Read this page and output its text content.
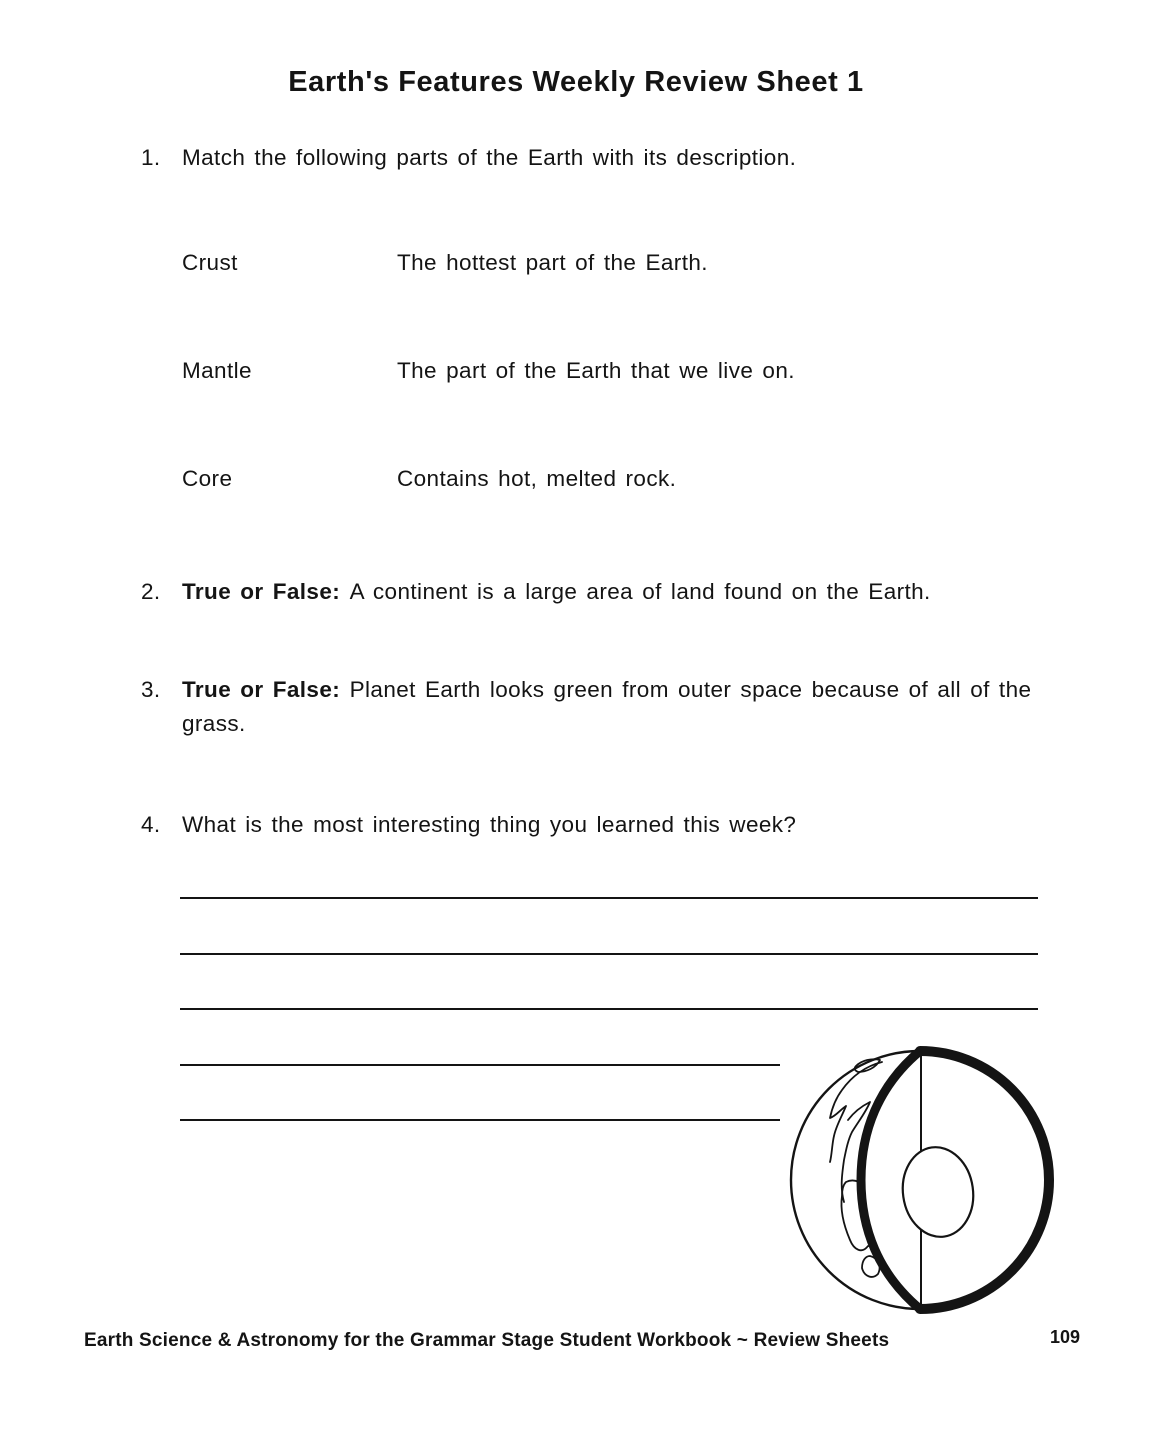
Earth's Features Weekly Review Sheet 1
1. Match the following parts of the Earth with its description.
Crust	The hottest part of the Earth.
Mantle	The part of the Earth that we live on.
Core	Contains hot, melted rock.
2. True or False: A continent is a large area of land found on the Earth.
3. True or False: Planet Earth looks green from outer space because of all of the grass.
4. What is the most interesting thing you learned this week?
Earth Science & Astronomy for the Grammar Stage Student Workbook ~ Review Sheets	109
